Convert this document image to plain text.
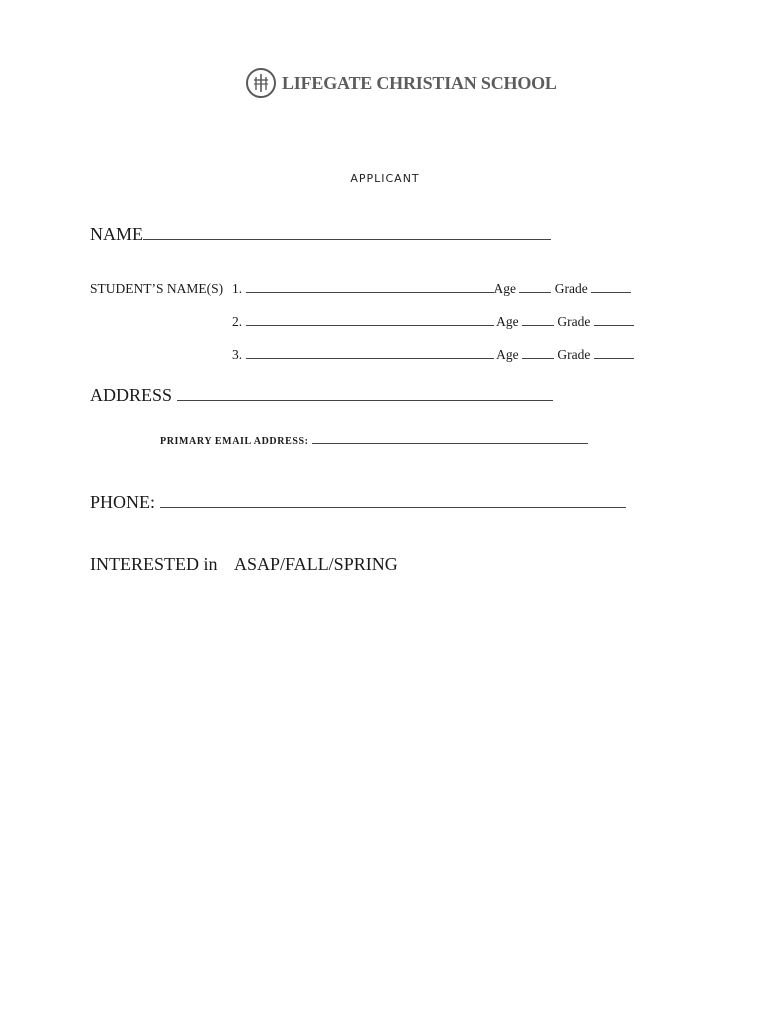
LIFEGATE CHRISTIAN SCHOOL
APPLICANT
NAME
STUDENT’S NAME(S) 1.	Age	Grade
2.	Age	Grade
3.	Age	Grade
ADDRESS
PRIMARY EMAIL ADDRESS:
PHONE:
INTERESTED in ASAP/FALL/SPRING
